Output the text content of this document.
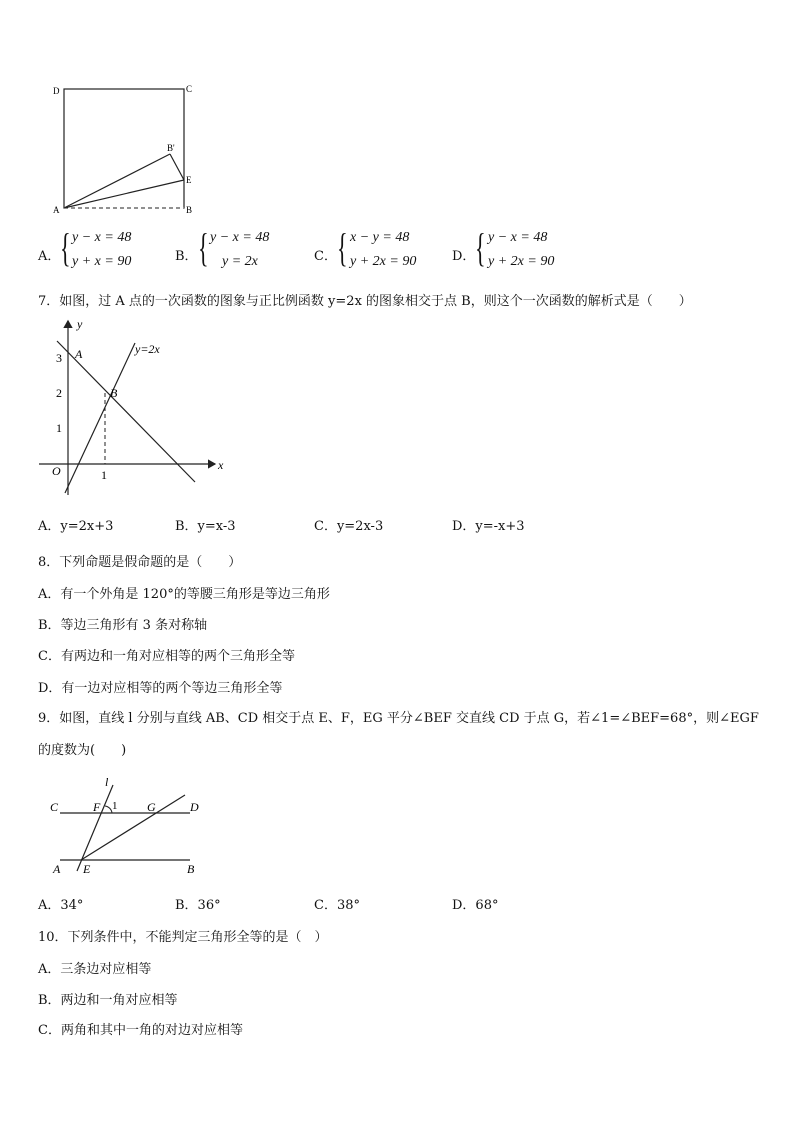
D	C
B'
E
A	B
A． { y − x = 48
y + x = 90	B． { y − x = 48
y = 2x	C． { x − y = 48
y + 2x = 90	D． { y − x = 48
y + 2x = 90
7．如图，过 A 点的一次函数的图象与正比例函数 y=2x 的图象相交于点 B，则这个一次函数的解析式是（　　）
y
x
y=2x
A
B
O
3
2
1
1
A．y=2x+3	B．y=x-3	C．y=2x-3	D．y=-x+3
8．下列命题是假命题的是（　　）
A．有一个外角是 120°的等腰三角形是等边三角形
B．等边三角形有 3 条对称轴
C．有两边和一角对应相等的两个三角形全等
D．有一边对应相等的两个等边三角形全等
9．如图，直线 l 分别与直线 AB、CD 相交于点 E、F，EG 平分∠BEF 交直线 CD 于点 G，若∠1=∠BEF=68°，则∠EGF
的度数为(　　)
l
C	F 1 G	D
A E	B
A．34°	B．36°	C．38°	D．68°
10．下列条件中，不能判定三角形全等的是（　）
A．三条边对应相等
B．两边和一角对应相等
C．两角和其中一角的对边对应相等
